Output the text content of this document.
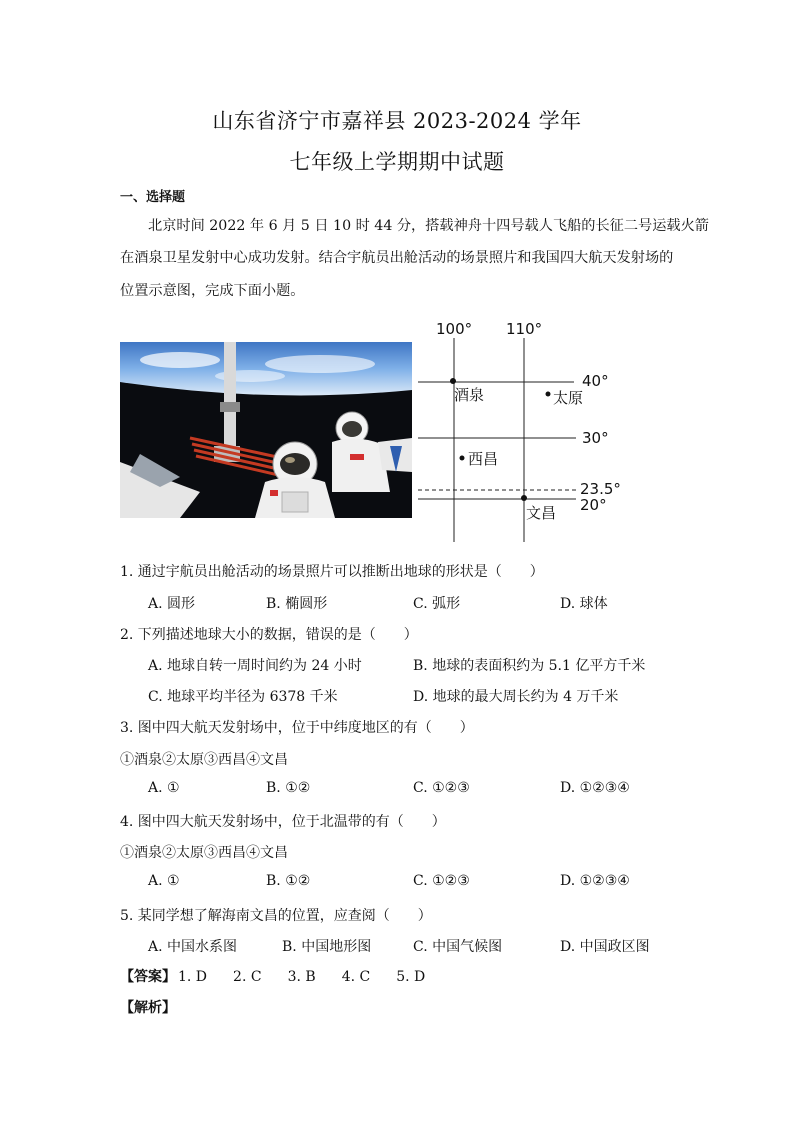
山东省济宁市嘉祥县 2023-2024 学年
七年级上学期期中试题
一、选择题
北京时间 2022 年 6 月 5 日 10 时 44 分，搭载神舟十四号载人飞船的长征二号运载火箭
在酒泉卫星发射中心成功发射。结合宇航员出舱活动的场景照片和我国四大航天发射场的
位置示意图，完成下面小题。
100° 110°
40°
30°
23.5°
20°
酒泉	太原
西昌
文昌
1. 通过宇航员出舱活动的场景照片可以推断出地球的形状是（　　）
A. 圆形	B. 椭圆形	C. 弧形	D. 球体
2. 下列描述地球大小的数据，错误的是（　　）
A. 地球自转一周时间约为 24 小时	B. 地球的表面积约为 5.1 亿平方千米
C. 地球平均半径为 6378 千米	D. 地球的最大周长约为 4 万千米
3. 图中四大航天发射场中，位于中纬度地区的有（　　）
①酒泉②太原③西昌④文昌
A. ①	B. ①②	C. ①②③	D. ①②③④
4. 图中四大航天发射场中，位于北温带的有（　　）
①酒泉②太原③西昌④文昌
A. ①	B. ①②	C. ①②③	D. ①②③④
5. 某同学想了解海南文昌的位置，应查阅（　　）
A. 中国水系图	B. 中国地形图	C. 中国气候图	D. 中国政区图
【答案】 1. D 2. C 3. B 4. C 5. D
【解析】
